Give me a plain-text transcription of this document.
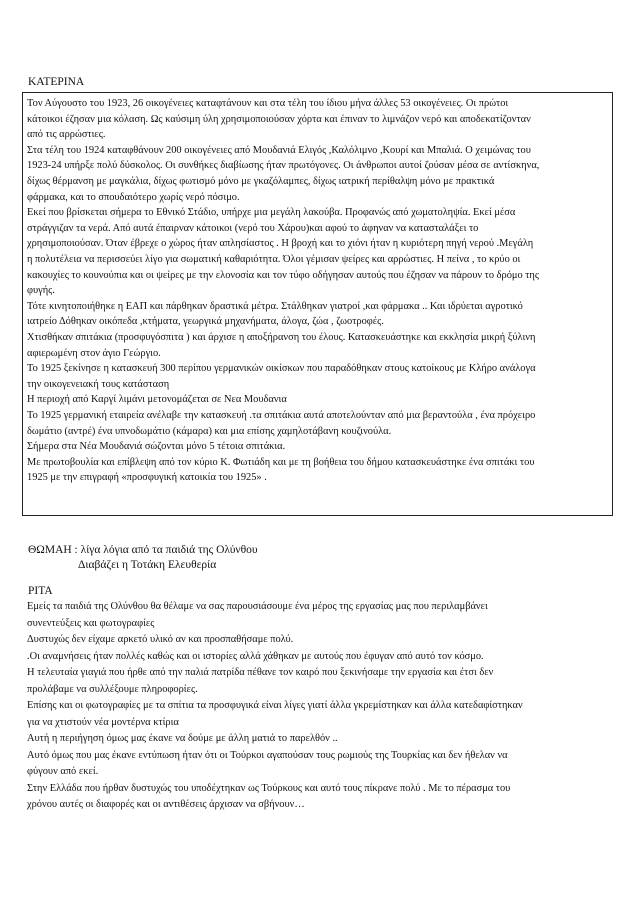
ΚΑΤΕΡΙΝΑ
Τον Αύγουστο του 1923, 26 οικογένειες καταφτάνουν και στα τέλη του ίδιου μήνα άλλες 53 οικογένειες. Οι πρώτοι
κάτοικοι έζησαν μια κόλαση. Ως καύσιμη ύλη χρησιμοποιούσαν χόρτα και έπιναν το λιμνάζον νερό και αποδεκατίζονταν
από τις αρρώστιες.
Στα τέλη του 1924 καταφθάνουν 200 οικογένειες από Μουδανιά Ελιγός ,Καλόλιμνο ,Κουρί και Μπαλιά. Ο χειμώνας του
1923-24 υπήρξε πολύ δύσκολος. Οι συνθήκες διαβίωσης ήταν πρωτόγονες. Οι άνθρωποι αυτοί ζούσαν μέσα σε αντίσκηνα,
δίχως θέρμανση με μαγκάλια, δίχως φωτισμό μόνο με γκαζόλαμπες, δίχως ιατρική περίθαλψη μόνο με πρακτικά
φάρμακα, και το σπουδαιότερο χωρίς νερό πόσιμο.
Εκεί που βρίσκεται σήμερα το Εθνικό Στάδιο, υπήρχε μια μεγάλη λακούβα. Προφανώς από χωματοληψία. Εκεί μέσα
στράγγιζαν τα νερά. Από αυτά έπαιρναν κάτοικοι (νερό του Χάρου)και αφού το άφηναν να κατασταλάξει το
χρησιμοποιούσαν. Όταν έβρεχε ο χώρος ήταν απλησίαστος . Η βροχή και το χιόνι ήταν η κυριότερη πηγή νερού .Μεγάλη
η πολυτέλεια να περισσεύει λίγο για σωματική καθαριότητα. Όλοι γέμισαν ψείρες και αρρώστιες. Η πείνα , το κρύο οι
κακουχίες το κουνούπια και οι ψείρες με την ελονοσία και τον τύφο οδήγησαν αυτούς που έζησαν να πάρουν το δρόμο της
φυγής.
Τότε κινητοποιήθηκε η ΕΑΠ και πάρθηκαν δραστικά μέτρα. Στάλθηκαν γιατροί ,και φάρμακα .. Και ιδρύεται αγροτικό
ιατρείο Δόθηκαν οικόπεδα ,κτήματα, γεωργικά μηχανήματα, άλογα, ζώα , ζωοτροφές.
Χτισθήκαν σπιτάκια (προσφυγόσπιτα ) και άρχισε η αποξήρανση του έλους. Κατασκευάστηκε και εκκλησία μικρή ξύλινη
αφιερωμένη στον άγιο Γεώργιο.
Το 1925 ξεκίνησε η κατασκευή 300 περίπου γερμανικών οικίσκων που παραδόθηκαν στους κατοίκους με Κλήρο ανάλογα
την οικογενειακή τους κατάσταση
Η περιοχή από Καργί λιμάνι μετονομάζεται σε Νεα Μουδανια
Το 1925 γερμανική εταιρεία ανέλαβε την κατασκευή .τα σπιτάκια αυτά αποτελούνταν από μια βεραντούλα , ένα πρόχειρο
δωμάτιο (αντρέ) ένα υπνοδωμάτιο (κάμαρα) και μια επίσης χαμηλοτάβανη κουζινούλα.
Σήμερα στα Νέα Μουδανιά σώζονται μόνο 5 τέτοια σπιτάκια.
Με πρωτοβουλία και επίβλεψη από τον κύριο Κ. Φωτιάδη και με τη βοήθεια του δήμου κατασκευάστηκε ένα σπιτάκι του
1925 με την επιγραφή «προσφυγική κατοικία του 1925» .
ΘΩΜΑΗ : λίγα λόγια από τα παιδιά της Ολύνθου
Διαβάζει η Τοτάκη Ελευθερία
ΡΙΤΑ
Εμείς τα παιδιά της Ολύνθου θα θέλαμε να σας παρουσιάσουμε ένα μέρος της εργασίας μας που περιλαμβάνει
συνεντεύξεις και φωτογραφίες
Δυστυχώς δεν είχαμε αρκετό υλικό αν και προσπαθήσαμε πολύ.
.Οι αναμνήσεις ήταν πολλές καθώς και οι ιστορίες αλλά χάθηκαν με αυτούς που έφυγαν από αυτό τον κόσμο.
Η τελευταία γιαγιά που ήρθε από την παλιά πατρίδα πέθανε τον καιρό που ξεκινήσαμε την εργασία και έτσι δεν
προλάβαμε να συλλέξουμε πληροφορίες.
Επίσης και οι φωτογραφίες με τα σπίτια τα προσφυγικά είναι λίγες γιατί άλλα γκρεμίστηκαν και άλλα κατεδαφίστηκαν
για να χτιστούν νέα μοντέρνα κτίρια
Αυτή η περιήγηση όμως μας έκανε να δούμε με άλλη ματιά το παρελθόν ..
Αυτό όμως που μας έκανε εντύπωση ήταν ότι οι Τούρκοι αγαπούσαν τους ρωμιούς της Τουρκίας και δεν ήθελαν να
φύγουν από εκεί.
Στην Ελλάδα που ήρθαν δυστυχώς του υποδέχτηκαν ως Τούρκους και αυτό τους πίκρανε πολύ . Με το πέρασμα του
χρόνου αυτές οι διαφορές και οι αντιθέσεις άρχισαν να σβήνουν…
